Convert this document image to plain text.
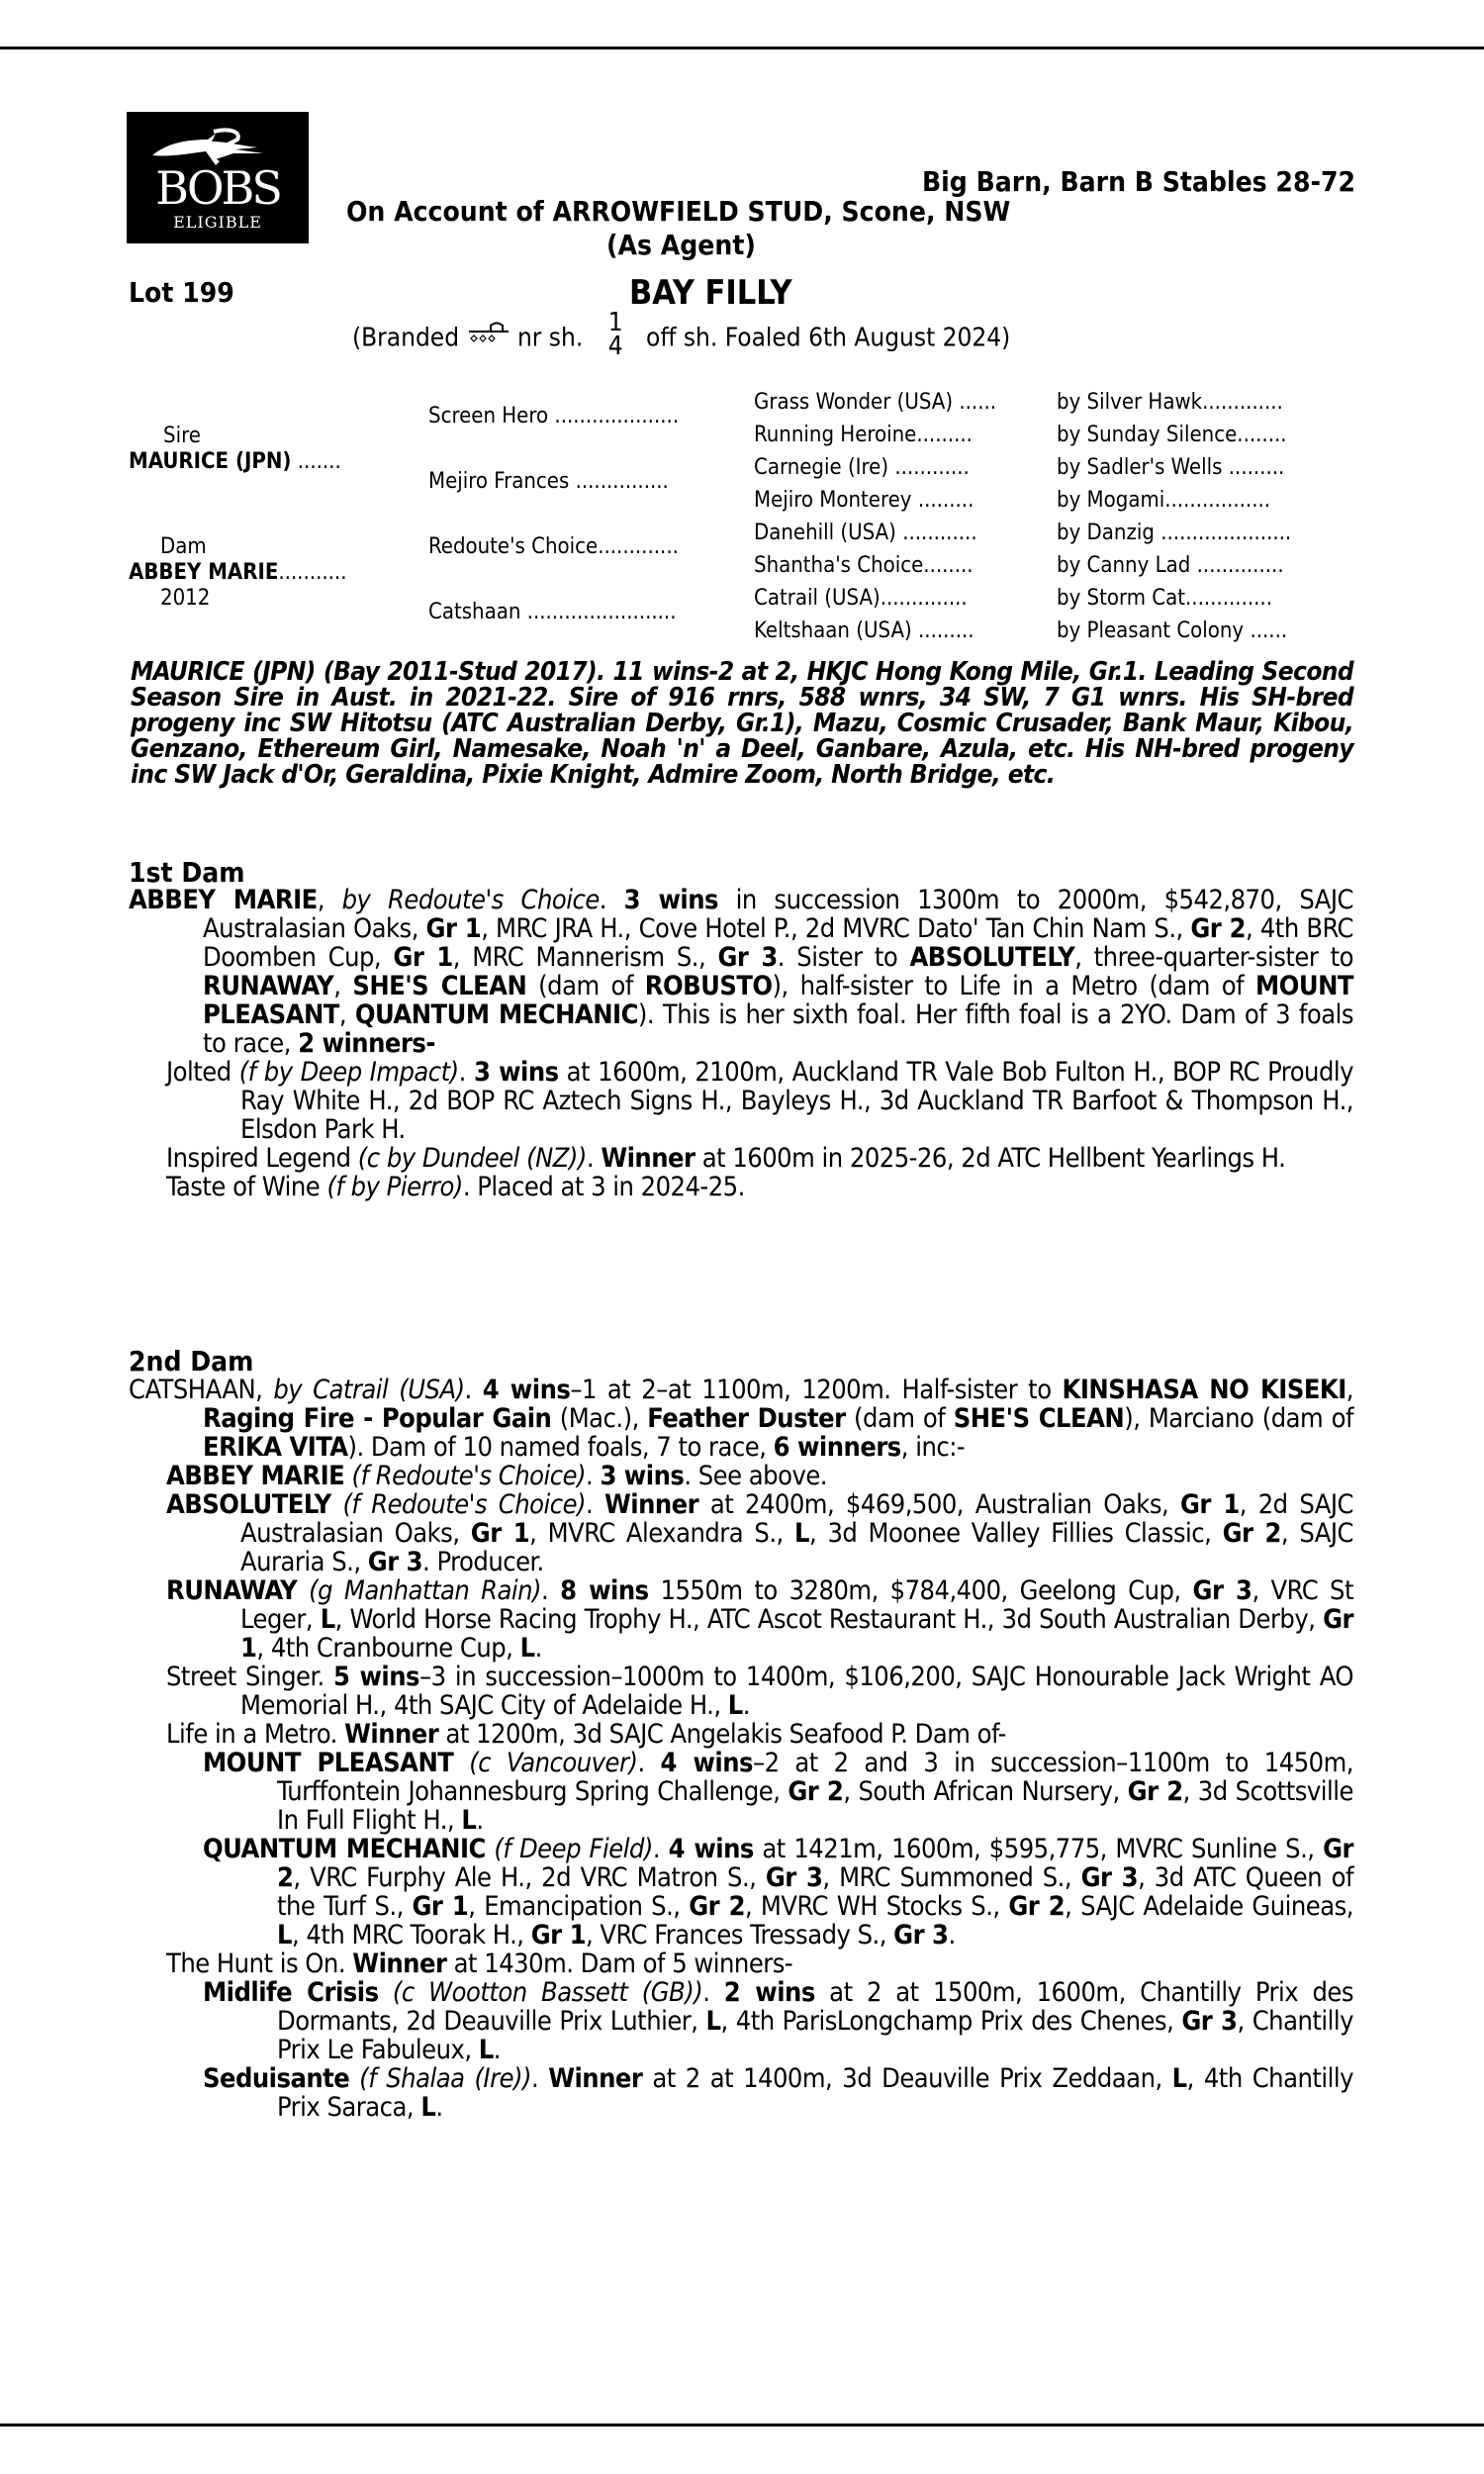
BOBS
ELIGIBLE
Big Barn, Barn B Stables 28-72
On Account of ARROWFIELD STUD, Scone, NSW
(As Agent)
Lot 199	BAY FILLY
(Branded nr sh.
1
4 off sh. Foaled 6th August 2024)
Sire
MAURICE (JPN) .......
Dam
ABBEY MARIE...........
2012
Screen Hero ....................
Mejiro Frances ...............
Redoute's Choice.............
Catshaan ........................
Grass Wonder (USA) ......	by Silver Hawk.............
Running Heroine.........	by Sunday Silence........
Carnegie (Ire) ............	by Sadler's Wells .........
Mejiro Monterey .........	by Mogami.................
Danehill (USA) ............	by Danzig .....................
Shantha's Choice........	by Canny Lad ..............
Catrail (USA)..............	by Storm Cat..............
Keltshaan (USA) .........	by Pleasant Colony ......
MAURICE (JPN) (Bay 2011-Stud 2017). 11 wins-2 at 2, HKJC Hong Kong Mile, Gr.1. Leading Second Season Sire in Aust. in 2021-22. Sire of 916 rnrs, 588 wnrs, 34 SW, 7 G1 wnrs. His SH-bred progeny inc SW Hitotsu (ATC Australian Derby, Gr.1), Mazu, Cosmic Crusader, Bank Maur, Kibou, Genzano, Ethereum Girl, Namesake, Noah 'n' a Deel, Ganbare, Azula, etc. His NH-bred progeny inc SW Jack d'Or, Geraldina, Pixie Knight, Admire Zoom, North Bridge, etc.
1st Dam
ABBEY MARIE, by Redoute's Choice. 3 wins in succession 1300m to 2000m, $542,870, SAJC Australasian Oaks, Gr 1, MRC JRA H., Cove Hotel P., 2d MVRC Dato' Tan Chin Nam S., Gr 2, 4th BRC Doomben Cup, Gr 1, MRC Mannerism S., Gr 3. Sister to ABSOLUTELY, three-quarter-sister to RUNAWAY, SHE'S CLEAN (dam of ROBUSTO), half-sister to Life in a Metro (dam of MOUNT PLEASANT, QUANTUM MECHANIC). This is her sixth foal. Her fifth foal is a 2YO. Dam of 3 foals to race, 2 winners-
Jolted (f by Deep Impact). 3 wins at 1600m, 2100m, Auckland TR Vale Bob Fulton H., BOP RC Proudly Ray White H., 2d BOP RC Aztech Signs H., Bayleys H., 3d Auckland TR Barfoot & Thompson H., Elsdon Park H.
Inspired Legend (c by Dundeel (NZ)). Winner at 1600m in 2025-26, 2d ATC Hellbent Yearlings H.
Taste of Wine (f by Pierro). Placed at 3 in 2024-25.
2nd Dam
CATSHAAN, by Catrail (USA). 4 wins–1 at 2–at 1100m, 1200m. Half-sister to KINSHASA NO KISEKI, Raging Fire - Popular Gain (Mac.), Feather Duster (dam of SHE'S CLEAN), Marciano (dam of ERIKA VITA). Dam of 10 named foals, 7 to race, 6 winners, inc:-
ABBEY MARIE (f Redoute's Choice). 3 wins. See above.
ABSOLUTELY (f Redoute's Choice). Winner at 2400m, $469,500, Australian Oaks, Gr 1, 2d SAJC Australasian Oaks, Gr 1, MVRC Alexandra S., L, 3d Moonee Valley Fillies Classic, Gr 2, SAJC Auraria S., Gr 3. Producer.
RUNAWAY (g Manhattan Rain). 8 wins 1550m to 3280m, $784,400, Geelong Cup, Gr 3, VRC St Leger, L, World Horse Racing Trophy H., ATC Ascot Restaurant H., 3d South Australian Derby, Gr 1, 4th Cranbourne Cup, L.
Street Singer. 5 wins–3 in succession–1000m to 1400m, $106,200, SAJC Honourable Jack Wright AO Memorial H., 4th SAJC City of Adelaide H., L.
Life in a Metro. Winner at 1200m, 3d SAJC Angelakis Seafood P. Dam of-
MOUNT PLEASANT (c Vancouver). 4 wins–2 at 2 and 3 in succession–1100m to 1450m, Turffontein Johannesburg Spring Challenge, Gr 2, South African Nursery, Gr 2, 3d Scottsville In Full Flight H., L.
QUANTUM MECHANIC (f Deep Field). 4 wins at 1421m, 1600m, $595,775, MVRC Sunline S., Gr 2, VRC Furphy Ale H., 2d VRC Matron S., Gr 3, MRC Summoned S., Gr 3, 3d ATC Queen of the Turf S., Gr 1, Emancipation S., Gr 2, MVRC WH Stocks S., Gr 2, SAJC Adelaide Guineas, L, 4th MRC Toorak H., Gr 1, VRC Frances Tressady S., Gr 3.
The Hunt is On. Winner at 1430m. Dam of 5 winners-
Midlife Crisis (c Wootton Bassett (GB)). 2 wins at 2 at 1500m, 1600m, Chantilly Prix des Dormants, 2d Deauville Prix Luthier, L, 4th ParisLongchamp Prix des Chenes, Gr 3, Chantilly Prix Le Fabuleux, L.
Seduisante (f Shalaa (Ire)). Winner at 2 at 1400m, 3d Deauville Prix Zeddaan, L, 4th Chantilly Prix Saraca, L.
